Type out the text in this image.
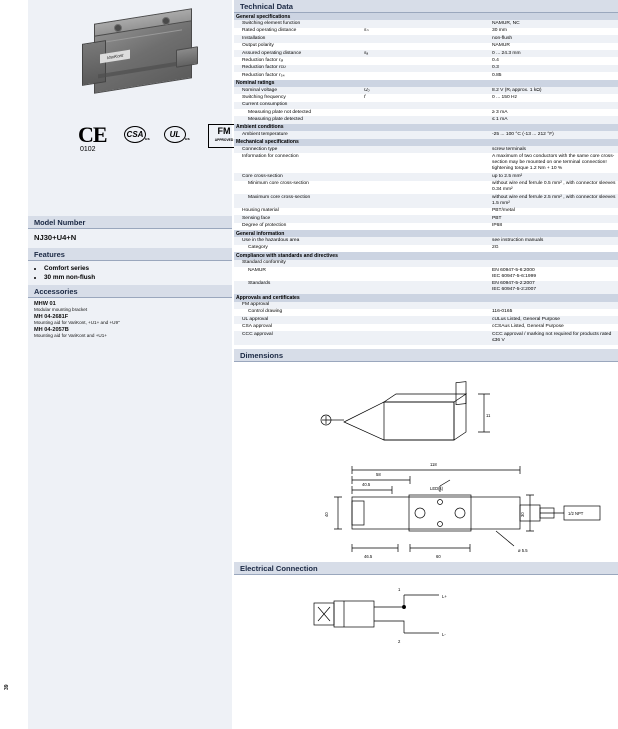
39
VariKont
CE
0102
CSA us	UL	us
FM
APPROVED
Model Number
NJ30+U4+N
Features
• Comfort series
• 30 mm non-flush
Accessories
MHW 01
Modular mounting bracket
MH 04-2681F
Mounting aid for VariKont, +U1+ and +U9"
MH 04-2057B
Mounting aid for VariKont and +U1+
Technical Data
General specifications		
Switching element function		NAMUR, NC
Rated operating distance	sₙ	30 mm
Installation		non-flush
Output polarity		NAMUR
Assured operating distance	sₐ	0 ... 24.3 mm
Reduction factor rₐₗ		0.4
Reduction factor rᴄᴜ		0.3
Reduction factor r₅₄		0.85
Nominal ratings		
Nominal voltage	U₀	8.2 V (Rᵢ approx. 1 kΩ)
Switching frequency	f	0 ... 150 Hz
Current consumption		
Measuring plate not detected		≥ 3 mA
Measuring plate detected		≤ 1 mA
Ambient conditions		
Ambient temperature		-25 ... 100 °C (-13 ... 212 °F)
Mechanical specifications		
Connection type		screw terminals
Information for connection		A maximum of two conductors with the same core cross-section may be mounted on one terminal connection!
tightening torque 1.2 Nm + 10 %
Core cross-section		up to 2.5 mm²
Minimum core cross-section		without wire end ferrule 0.5 mm² , with connector sleeves 0.34 mm²
Maximum core cross-section		without wire end ferrule 2.5 mm² , with connector sleeves 1.5 mm²
Housing material		PBT/metal
Sensing face		PBT
Degree of protection		IP68
General information		
Use in the hazardous area		see instruction manuals
Category		2G
Compliance with standards and directives		
Standard conformity		
NAMUR		EN 60947-5-6:2000
IEC 60947-5-6:1999
Standards		EN 60947-5-2:2007
IEC 60947-5-2:2007
Approvals and certificates		
FM approval		
Control drawing		116-0165
UL approval		cULus Listed, General Purpose
CSA approval		cCSAus Listed, General Purpose
CCC approval		CCC approval / marking not required for products rated ≤36 V
Dimensions
11
118
58
40.5
LED(s)
46.5	60
40	30
ø 5.5
1/2 NPT
Electrical Connection
1
2
L+
L-
